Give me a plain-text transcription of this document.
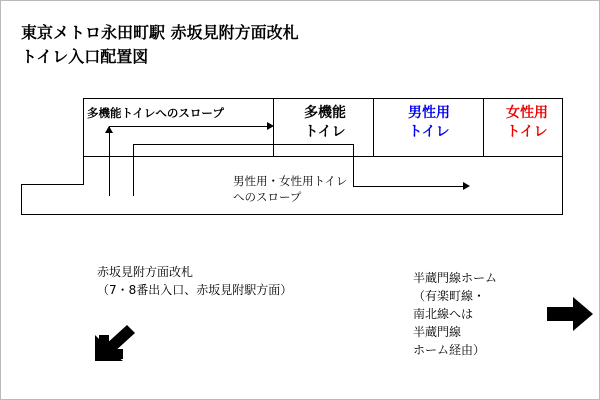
東京メトロ永田町駅 赤坂見附方面改札
トイレ入口配置図
多機能
トイレ
男性用
トイレ
女性用
トイレ
多機能トイレへのスロープ
男性用・女性用トイレ
へのスロープ
赤坂見附方面改札
（7・8番出入口、赤坂見附駅方面）
半蔵門線ホーム
（有楽町線・
南北線へは
半蔵門線
ホーム経由）
